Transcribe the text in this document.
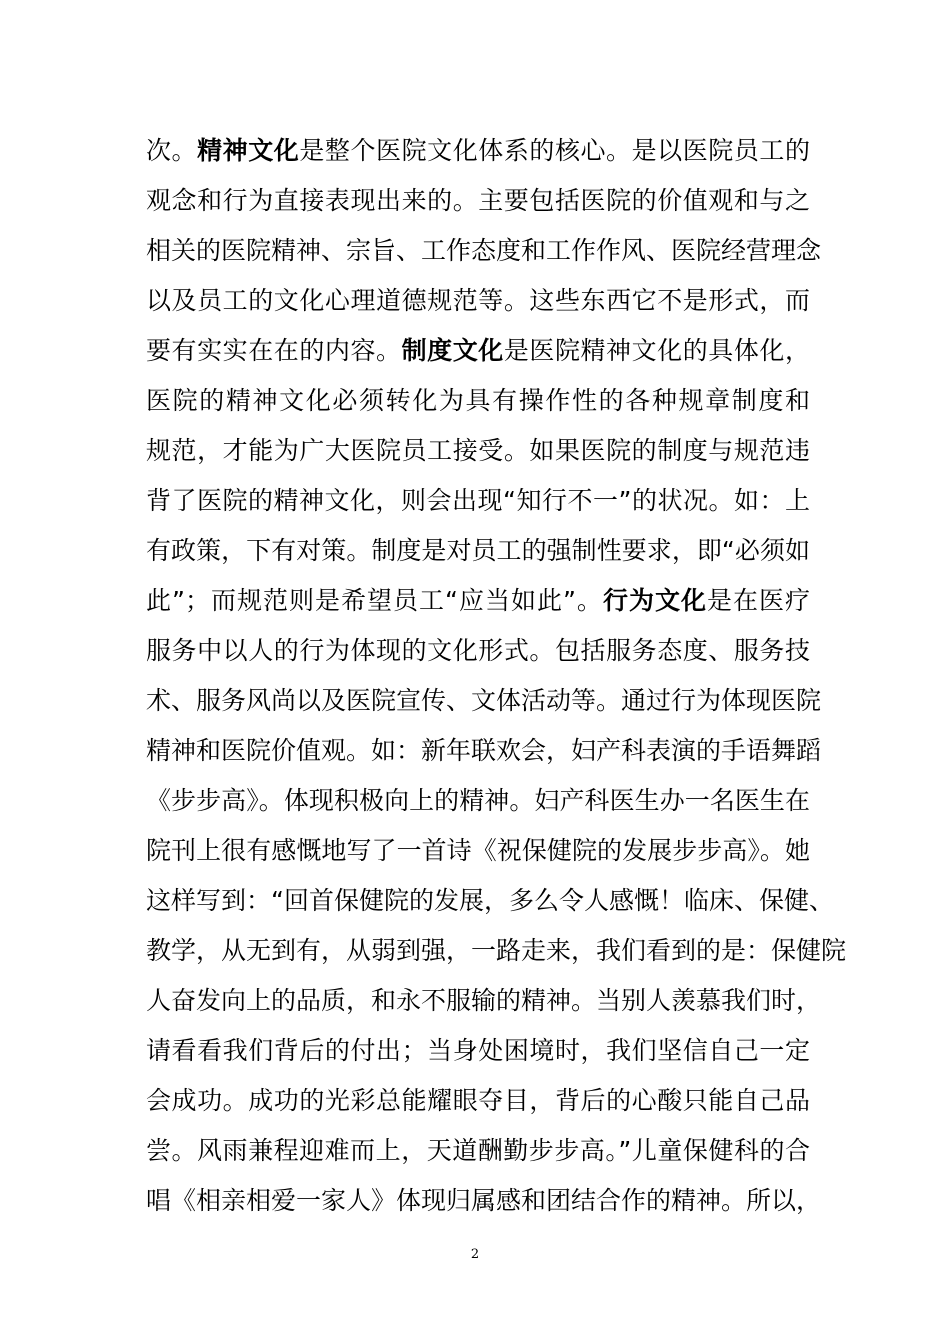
次。精神文化是整个医院文化体系的核心。是以医院员工的
观念和行为直接表现出来的。主要包括医院的价值观和与之
相关的医院精神、宗旨、工作态度和工作作风、医院经营理念
以及员工的文化心理道德规范等。这些东西它不是形式，而
要有实实在在的内容。制度文化是医院精神文化的具体化，
医院的精神文化必须转化为具有操作性的各种规章制度和
规范，才能为广大医院员工接受。如果医院的制度与规范违
背了医院的精神文化，则会出现“知行不一”的状况。如：上
有政策，下有对策。制度是对员工的强制性要求，即“必须如
此”；而规范则是希望员工“应当如此”。行为文化是在医疗
服务中以人的行为体现的文化形式。包括服务态度、服务技
术、服务风尚以及医院宣传、文体活动等。通过行为体现医院
精神和医院价值观。如：新年联欢会，妇产科表演的手语舞蹈
《步步高》。体现积极向上的精神。妇产科医生办一名医生在
院刊上很有感慨地写了一首诗《祝保健院的发展步步高》。她
这样写到：“回首保健院的发展，多么令人感慨！临床、保健、
教学，从无到有，从弱到强，一路走来，我们看到的是：保健院
人奋发向上的品质，和永不服输的精神。当别人羡慕我们时，
请看看我们背后的付出；当身处困境时，我们坚信自己一定
会成功。成功的光彩总能耀眼夺目，背后的心酸只能自己品
尝。风雨兼程迎难而上，天道酬勤步步高。”儿童保健科的合
唱《相亲相爱一家人》体现归属感和团结合作的精神。所以，
2
